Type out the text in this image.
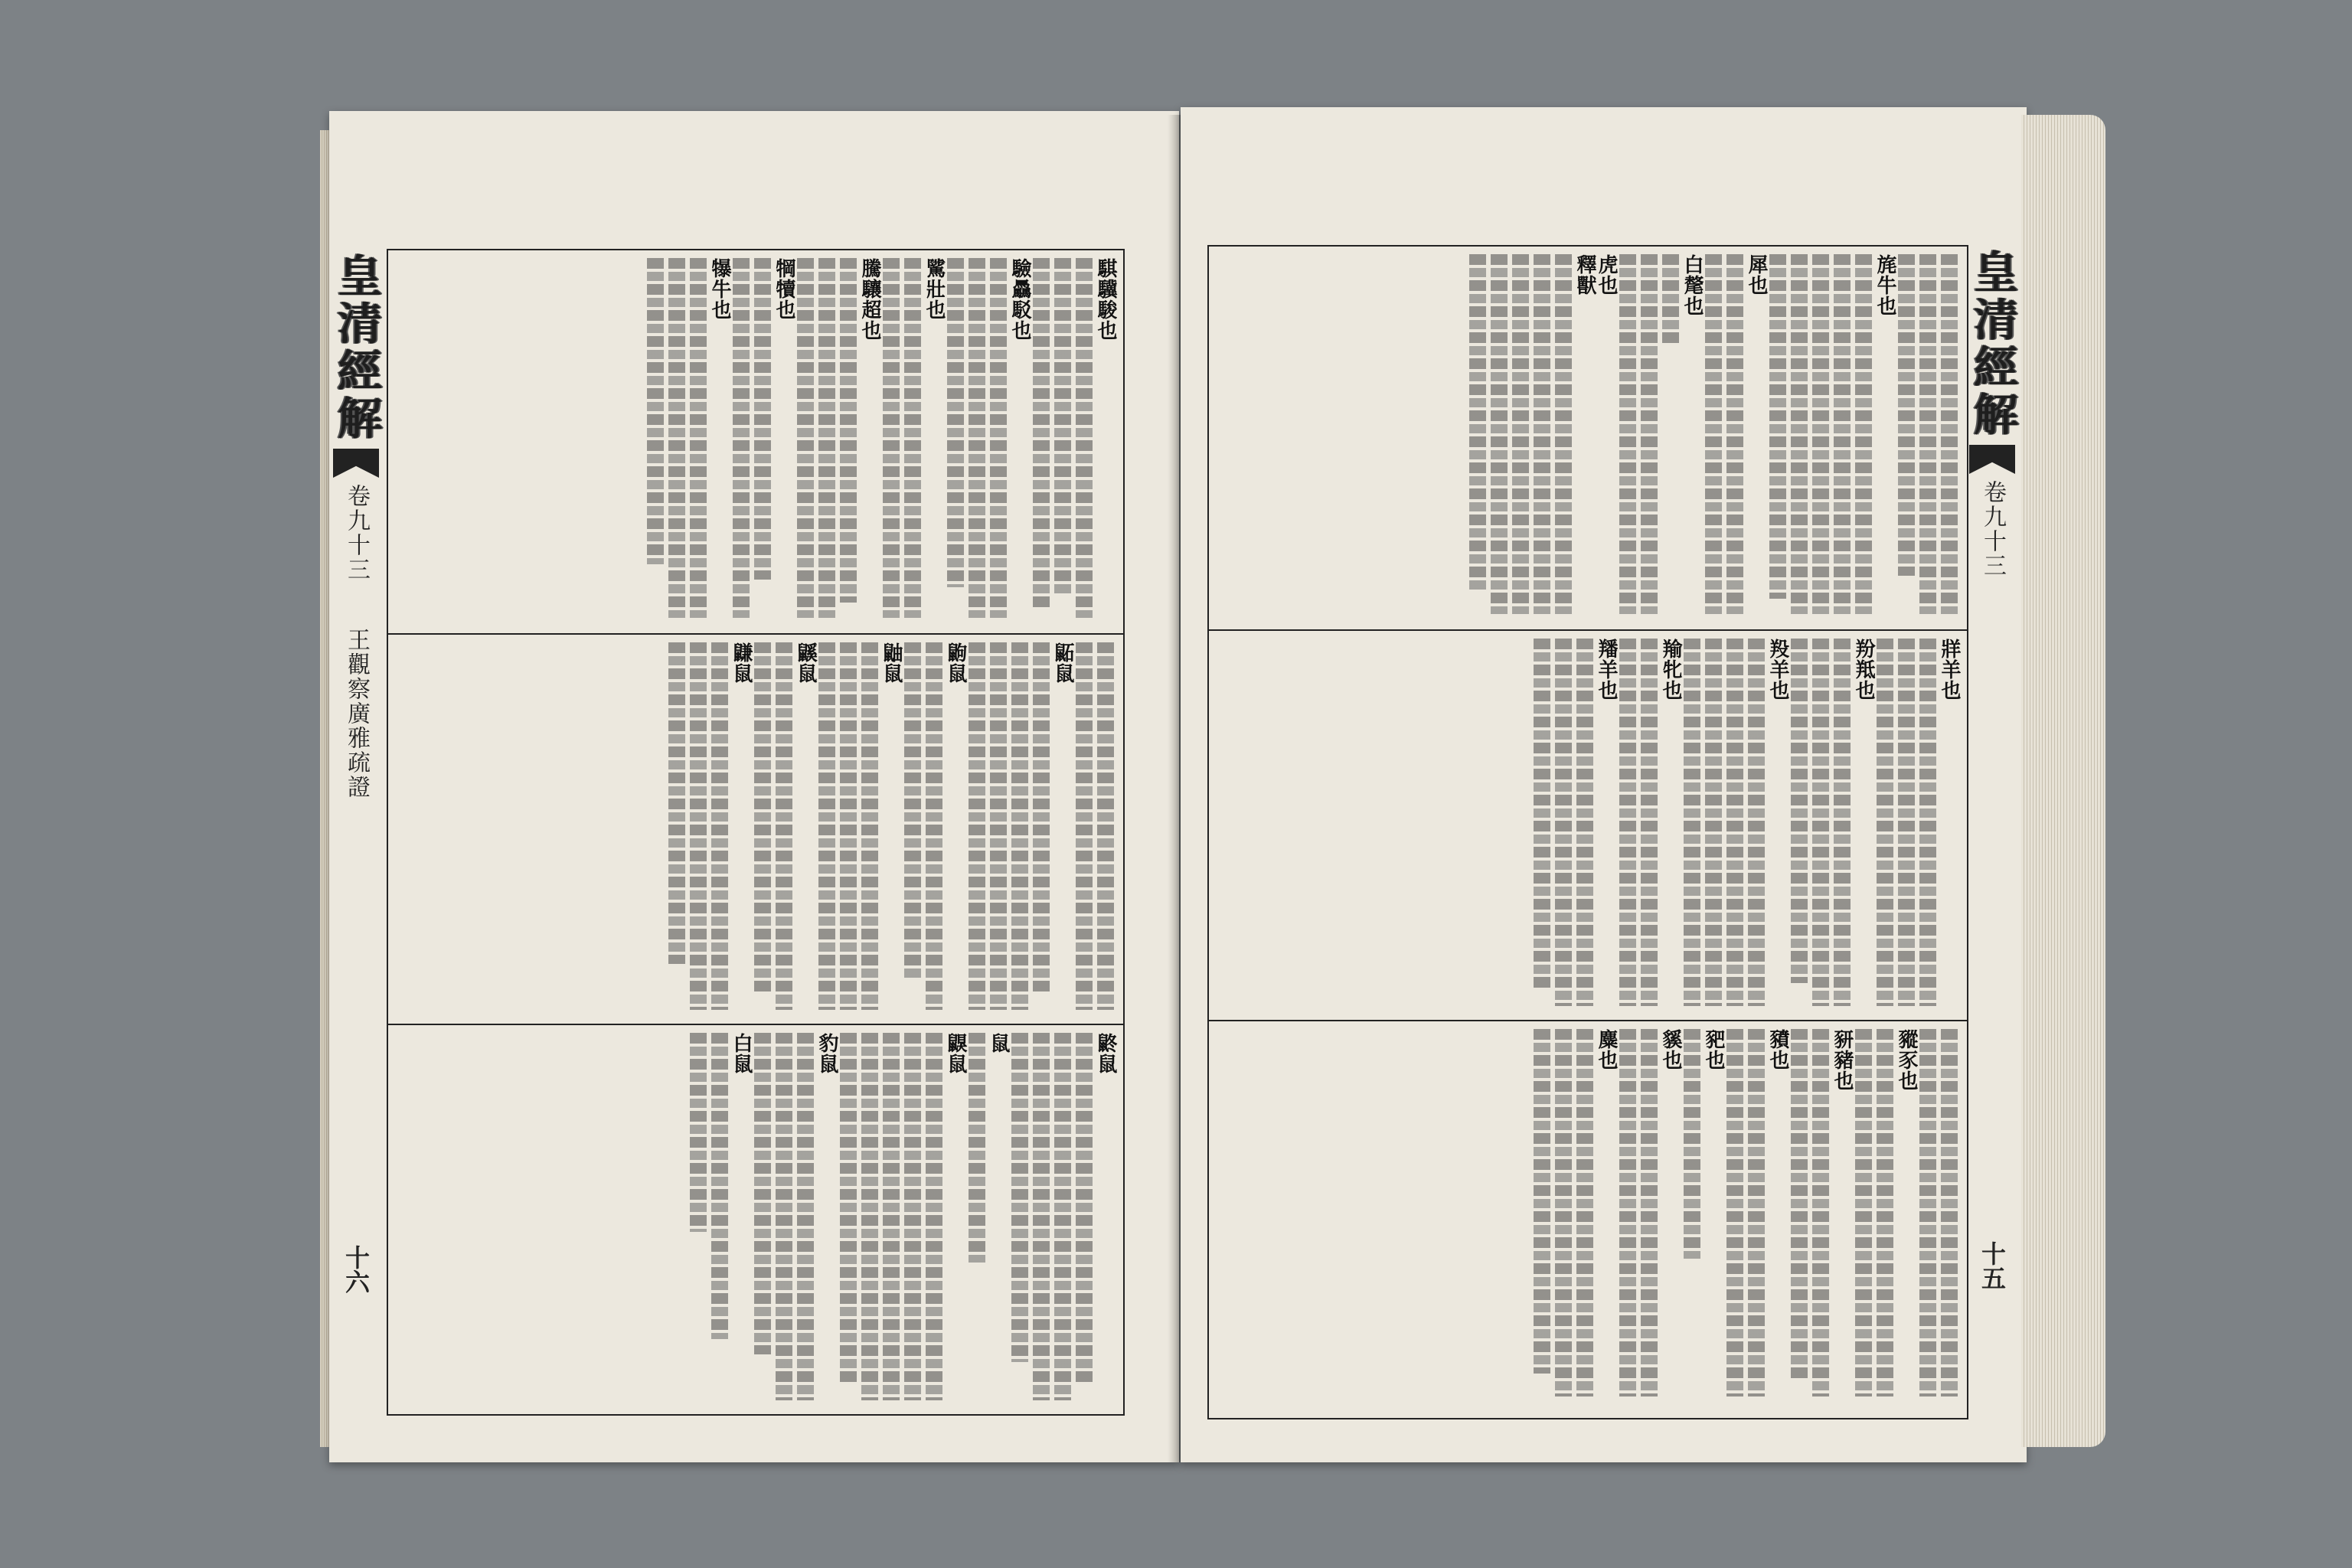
騏驥駿也
驗驫駁也
騭壯也
騰驤超也
犅犢也
犦牛也
鼫鼠
鼩鼠
鼬鼠
鼷鼠
鼸鼠
鼨鼠
鼠
鼳鼠
豹鼠
白鼠
皇清經解
卷九十三
王觀察廣雅疏證
十六
旄牛也
犀也
白氂也
虎也
釋獸
牂羊也
羒羝也
羖羊也
羭牝也
羳羊也
豵豕也
豜豬也
豶也
豝也
貕也
麋也
皇清經解
卷九十三
十五
